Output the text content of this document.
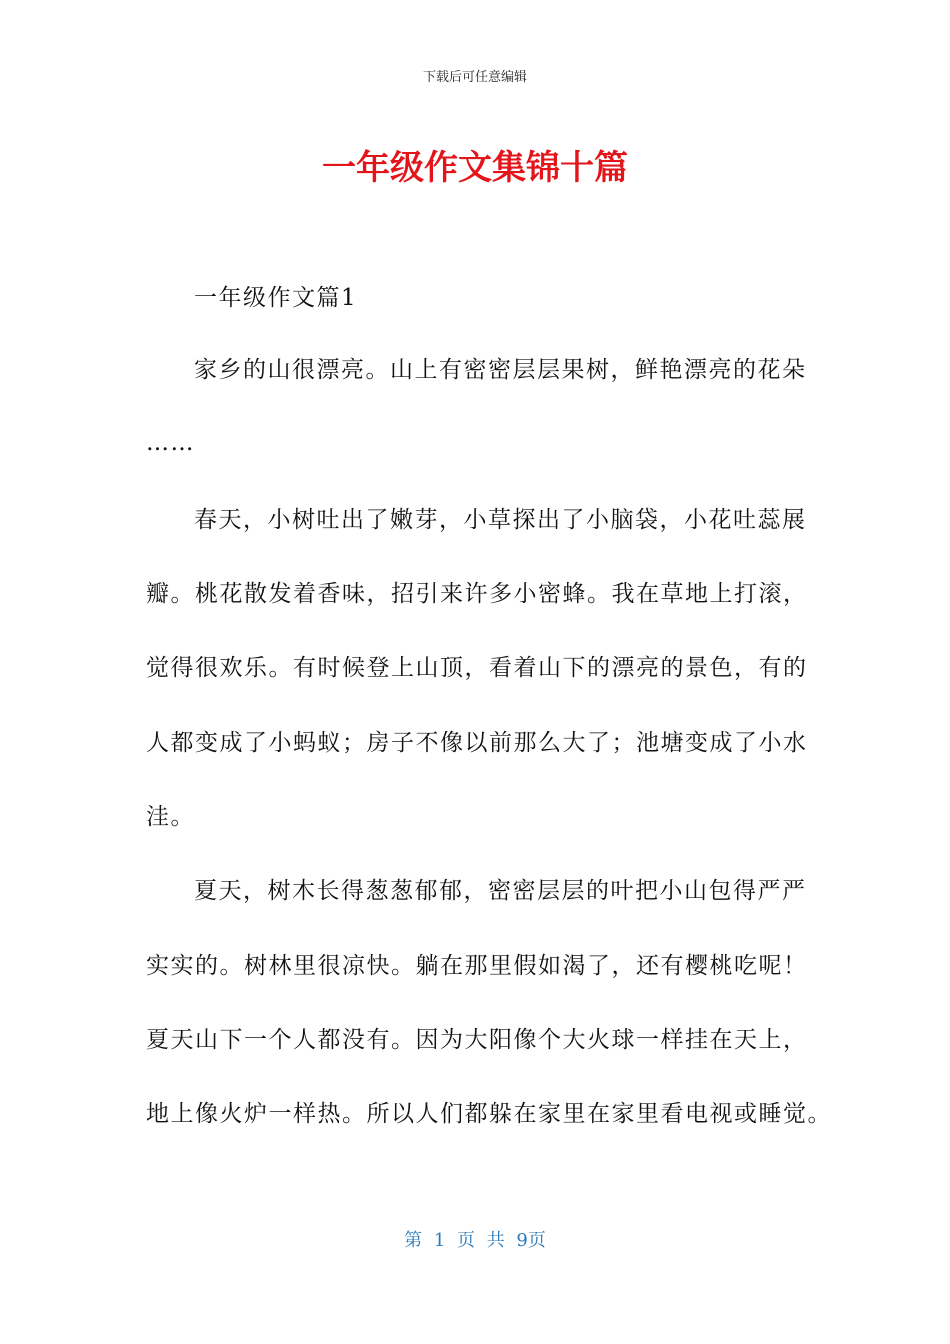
下载后可任意编辑
一年级作文集锦十篇
一年级作文篇1
家乡的山很漂亮。山上有密密层层果树，鲜艳漂亮的花朵
……
春天，小树吐出了嫩芽，小草探出了小脑袋，小花吐蕊展
瓣。桃花散发着香味，招引来许多小密蜂。我在草地上打滚，
觉得很欢乐。有时候登上山顶，看着山下的漂亮的景色，有的
人都变成了小蚂蚁；房子不像以前那么大了；池塘变成了小水
洼。
夏天，树木长得葱葱郁郁，密密层层的叶把小山包得严严
实实的。树林里很凉快。躺在那里假如渴了，还有樱桃吃呢！
夏天山下一个人都没有。因为大阳像个大火球一样挂在天上，
地上像火炉一样热。所以人们都躲在家里在家里看电视或睡觉。
第 1 页 共 9页
